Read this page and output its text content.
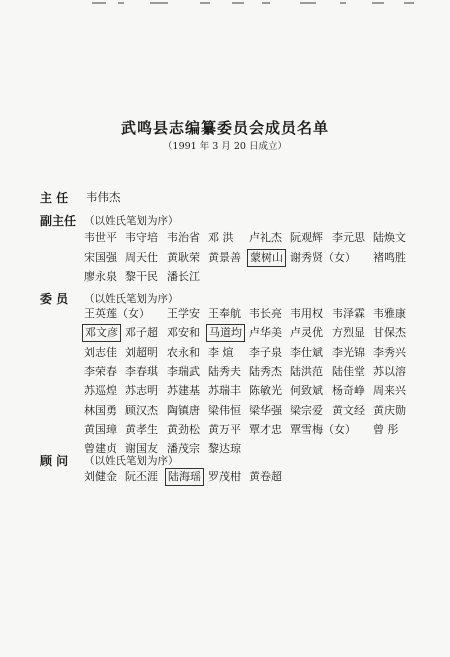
武鸣县志编纂委员会成员名单
（1991 年 3 月 20 日成立）
主 任 韦伟杰
副主任 （以姓氏笔划为序）
韦世平 韦守培 韦治省 邓 洪 卢礼杰 阮观辉 李元思 陆焕文
宋国强 周天仕 黄耿荣 黄景善 蒙树山 谢秀贤（女） 褚鸣胜
廖永泉 黎干民 潘长江
委 员 （以姓氏笔划为序）
王英莲（女） 王学安 王奉航 韦长亮 韦用权 韦泽霖 韦雅康
邓文彦 邓子超 邓安和 马道均 卢华美 卢灵优 方烈显 甘保杰
刘志佳 刘超明 农永和 李 煊 李子泉 李仕斌 李光锦 李秀兴
李荣春 李春琪 李瑞武 陆秀夫 陆秀杰 陆洪范 陆佳堂 苏以溶
苏巡煌 苏志明 苏建基 苏瑞丰 陈敏光 何致斌 杨奇峥 周来兴
林国勇 顾汉杰 陶镇唐 梁伟恒 梁华强 梁宗爱 黄文经 黄庆勋
黄国璋 黄孝生 黄劲松 黄万平 覃才忠 覃雪梅（女） 曾 彤
曾建贞 谢国友 潘茂宗 黎达琼
顾 问 （以姓氏笔划为序）
刘健金 阮丕涯 陆海瑶 罗茂柑 黄卷超
